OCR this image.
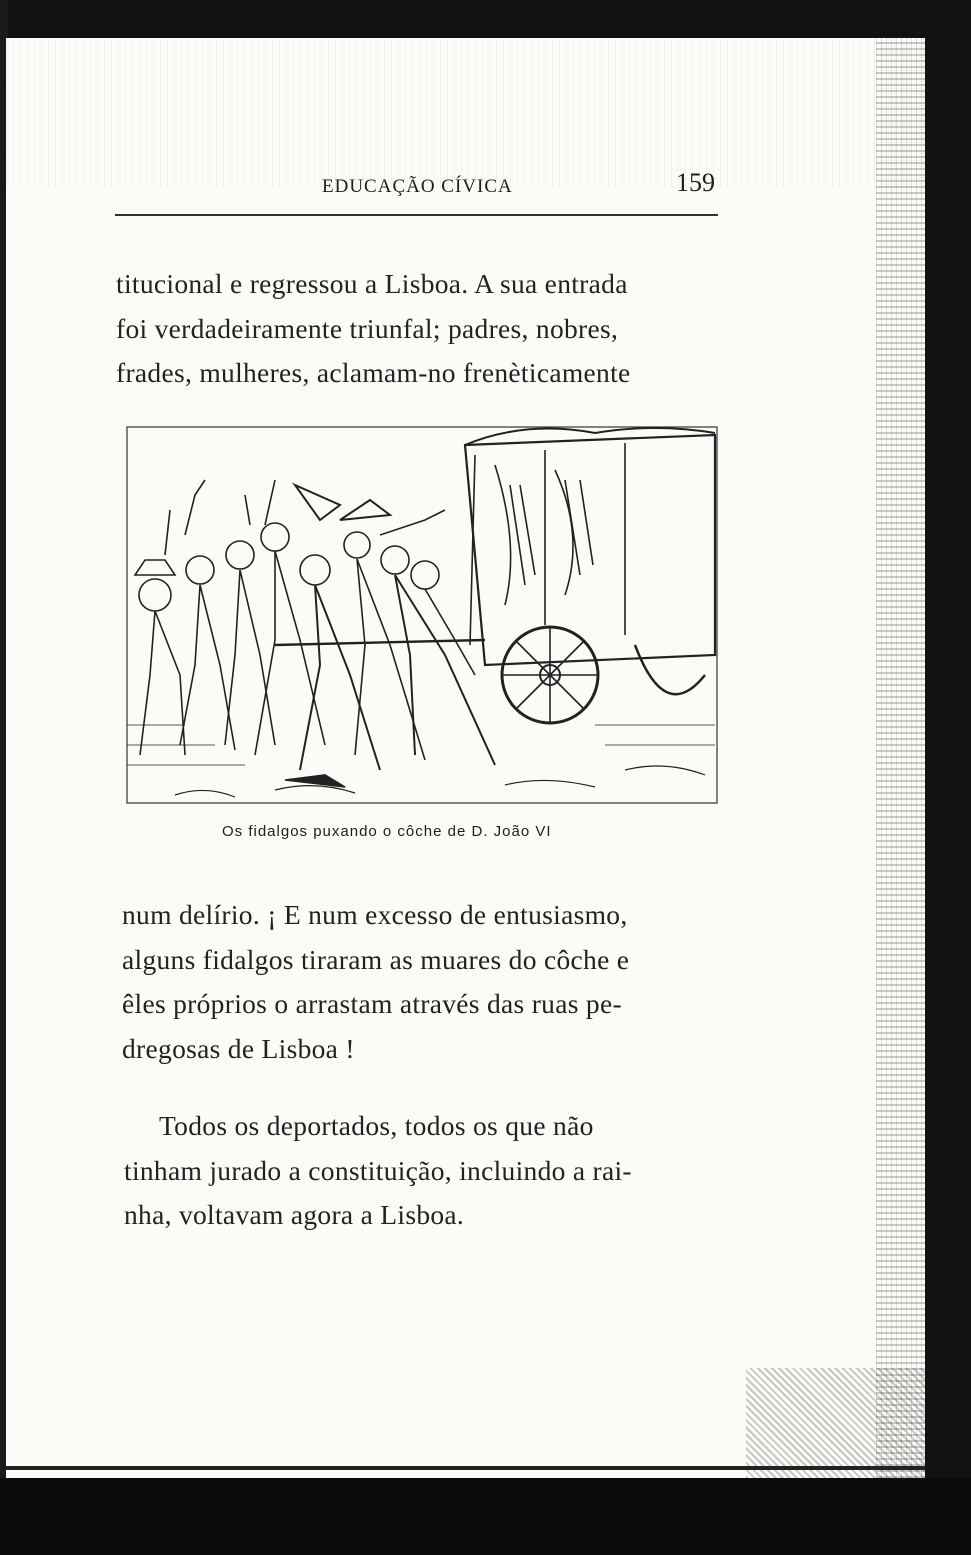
EDUCAÇÃO CÍVICA	159
titucional e regressou a Lisboa. A sua entrada
foi verdadeiramente triunfal; padres, nobres,
frades, mulheres, aclamam-no frenèticamente
Os fidalgos puxando o côche de D. João VI
num delírio. ¡ E num excesso de entusiasmo,
alguns fidalgos tiraram as muares do côche e
êles próprios o arrastam através das ruas pe-
dregosas de Lisboa !
Todos os deportados, todos os que não
tinham jurado a constituição, incluindo a rai-
nha, voltavam agora a Lisboa.
